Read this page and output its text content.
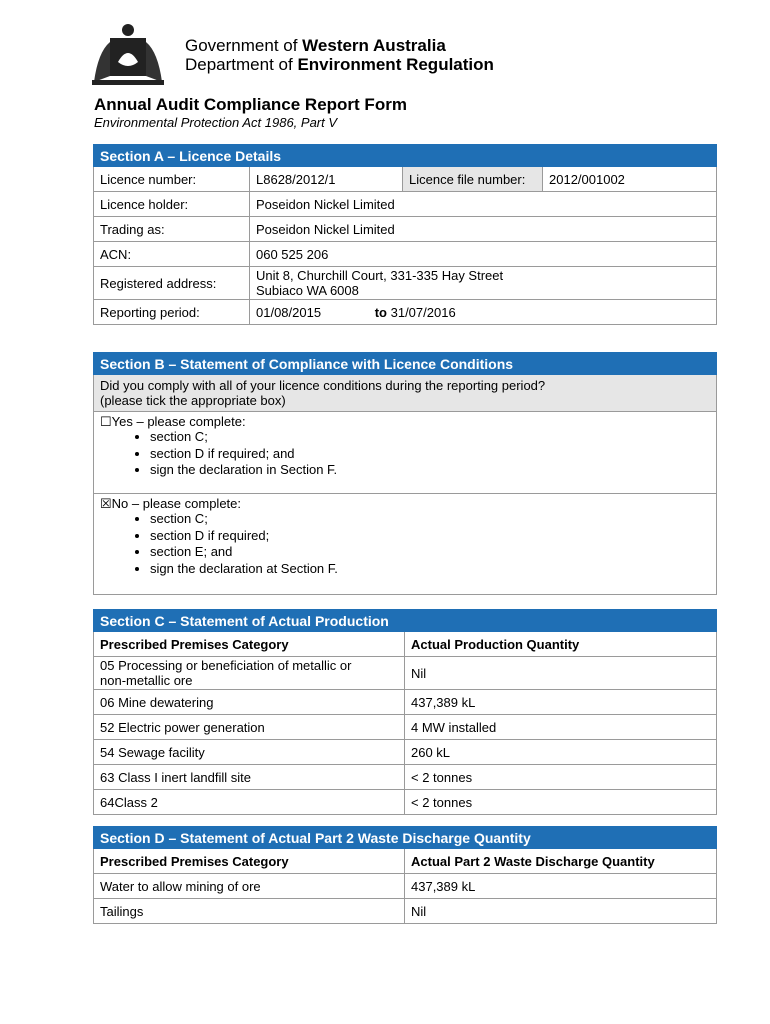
Government of Western Australia
Department of Environment Regulation
Annual Audit Compliance Report Form
Environmental Protection Act 1986, Part V
Section A – Licence Details			
Licence number:	L8628/2012/1	Licence file number:	2012/001002
Licence holder:	Poseidon Nickel Limited		
Trading as:	Poseidon Nickel Limited		
ACN:	060 525 206		
Registered address:	Unit 8, Churchill Court, 331-335 Hay Street
Subiaco WA 6008		
Reporting period:	01/08/2015 to 31/07/2016		
Section B – Statement of Compliance with Licence Conditions
Did you comply with all of your licence conditions during the reporting period?
(please tick the appropriate box)
☐Yes – please complete:
• section C;
• section D if required; and
• sign the declaration in Section F.

☒No – please complete:
• section C;
• section D if required;
• section E; and
• sign the declaration at Section F.
Section C – Statement of Actual Production	
Prescribed Premises Category	Actual Production Quantity
05 Processing or beneficiation of metallic or
non-metallic ore	Nil
06 Mine dewatering	437,389 kL
52 Electric power generation	4 MW installed
54 Sewage facility	260 kL
63 Class I inert landfill site	< 2 tonnes
64Class 2	< 2 tonnes
Section D – Statement of Actual Part 2 Waste Discharge Quantity	
Prescribed Premises Category	Actual Part 2 Waste Discharge Quantity
Water to allow mining of ore	437,389 kL
Tailings	Nil
